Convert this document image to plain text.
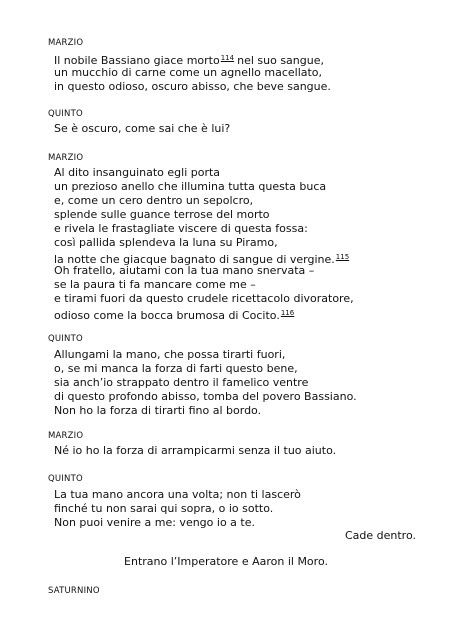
MARZIO
Il nobile Bassiano giace morto$^{114}$ nel suo sangue,
un mucchio di carne come un agnello macellato,
in questo odioso, oscuro abisso, che beve sangue.
QUINTO
Se è oscuro, come sai che è lui?
MARZIO
Al dito insanguinato egli porta
un prezioso anello che illumina tutta questa buca
e, come un cero dentro un sepolcro,
splende sulle guance terrose del morto
e rivela le frastagliate viscere di questa fossa:
così pallida splendeva la luna su Piramo,
la notte che giacque bagnato di sangue di vergine.$^{115}$
Oh fratello, aiutami con la tua mano snervata –
se la paura ti fa mancare come me –
e tirami fuori da questo crudele ricettacolo divoratore,
odioso come la bocca brumosa di Cocito.$^{116}$
QUINTO
Allungami la mano, che possa tirarti fuori,
o, se mi manca la forza di farti questo bene,
sia anch’io strappato dentro il famelico ventre
di questo profondo abisso, tomba del povero Bassiano.
Non ho la forza di tirarti fino al bordo.
MARZIO
Né io ho la forza di arrampicarmi senza il tuo aiuto.
QUINTO
La tua mano ancora una volta; non ti lascerò
finché tu non sarai qui sopra, o io sotto.
Non puoi venire a me: vengo io a te.
Cade dentro.
Entrano l’Imperatore e Aaron il Moro.
SATURNINO
